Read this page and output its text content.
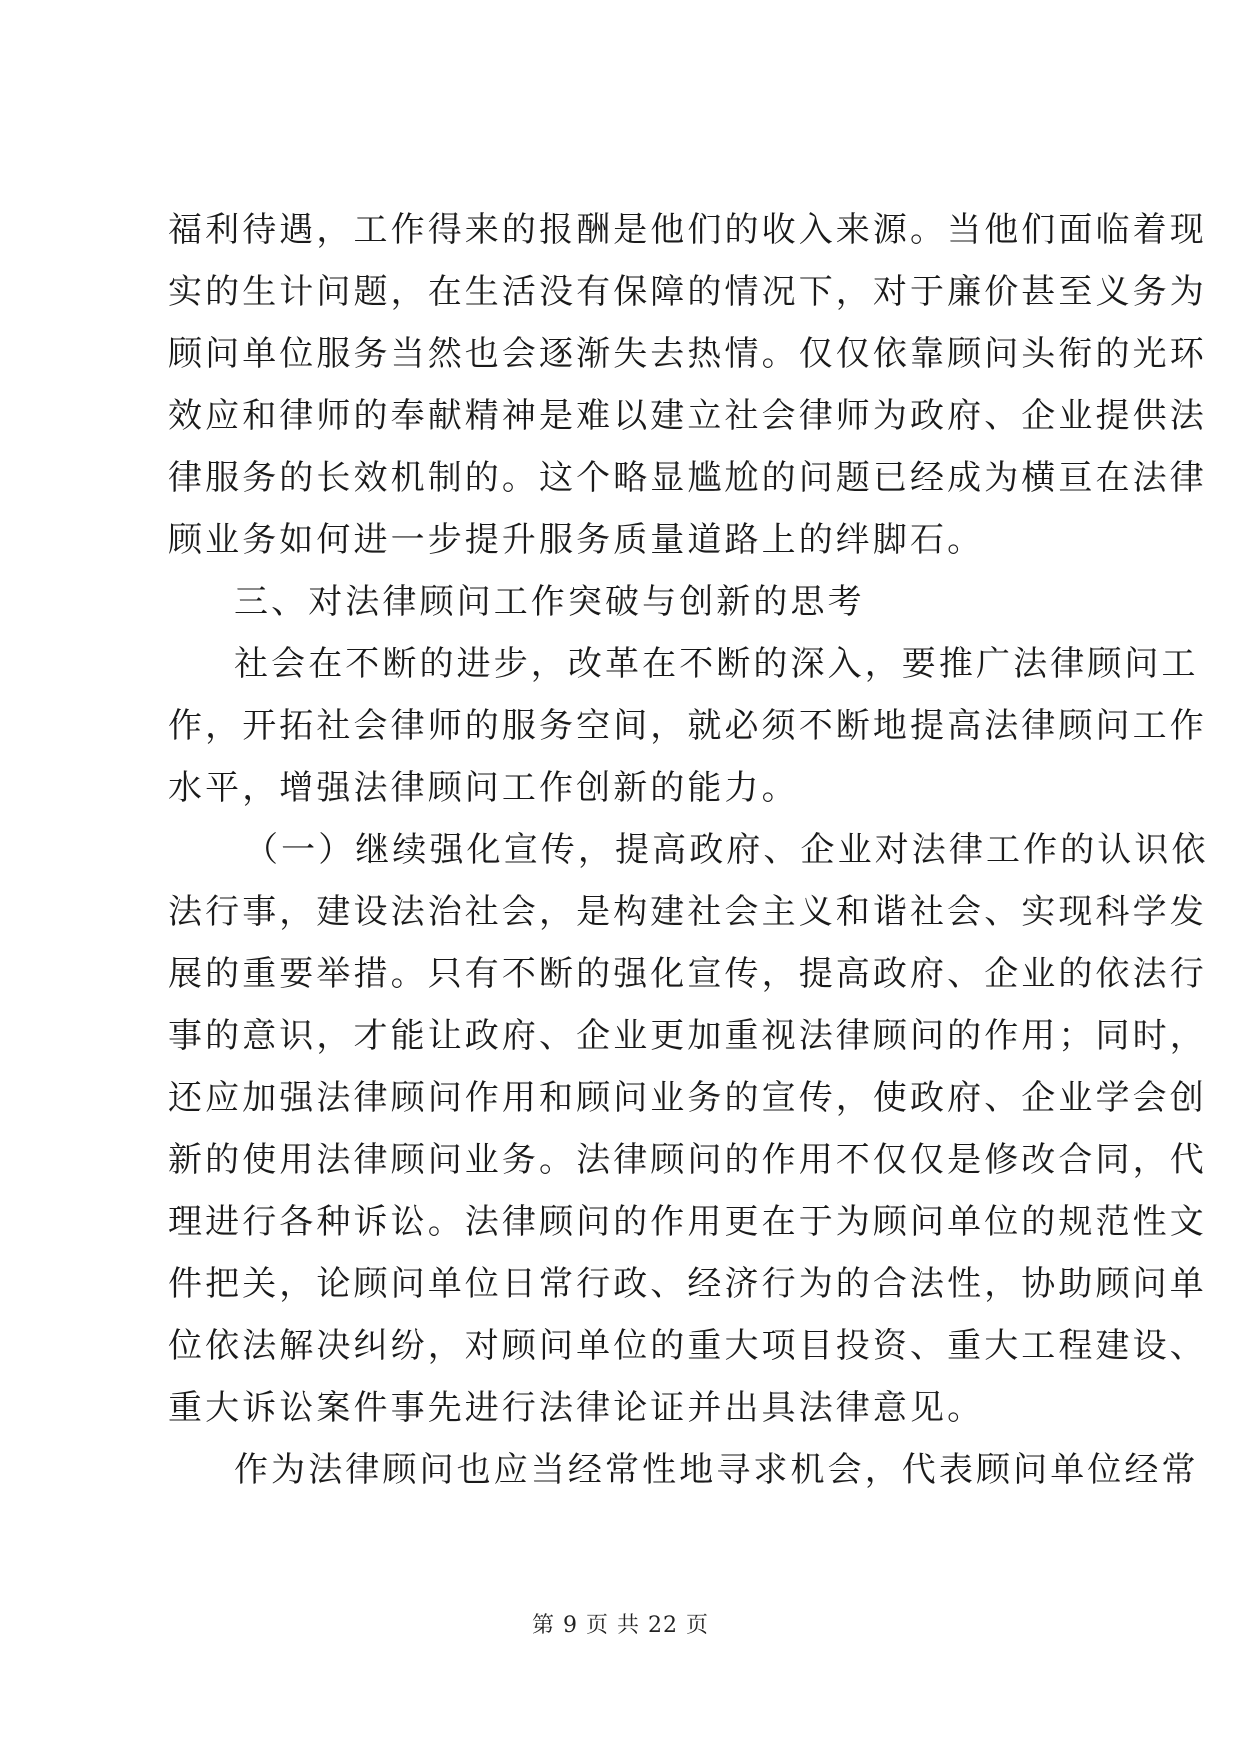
福利待遇，工作得来的报酬是他们的收入来源。当他们面临着现
实的生计问题，在生活没有保障的情况下，对于廉价甚至义务为
顾问单位服务当然也会逐渐失去热情。仅仅依靠顾问头衔的光环
效应和律师的奉献精神是难以建立社会律师为政府、企业提供法
律服务的长效机制的。这个略显尴尬的问题已经成为横亘在法律
顾业务如何进一步提升服务质量道路上的绊脚石。
三、对法律顾问工作突破与创新的思考
社会在不断的进步，改革在不断的深入，要推广法律顾问工
作，开拓社会律师的服务空间，就必须不断地提高法律顾问工作
水平，增强法律顾问工作创新的能力。
（一）继续强化宣传，提高政府、企业对法律工作的认识依
法行事，建设法治社会，是构建社会主义和谐社会、实现科学发
展的重要举措。只有不断的强化宣传，提高政府、企业的依法行
事的意识，才能让政府、企业更加重视法律顾问的作用；同时，
还应加强法律顾问作用和顾问业务的宣传，使政府、企业学会创
新的使用法律顾问业务。法律顾问的作用不仅仅是修改合同，代
理进行各种诉讼。法律顾问的作用更在于为顾问单位的规范性文
件把关，论顾问单位日常行政、经济行为的合法性，协助顾问单
位依法解决纠纷，对顾问单位的重大项目投资、重大工程建设、
重大诉讼案件事先进行法律论证并出具法律意见。
作为法律顾问也应当经常性地寻求机会，代表顾问单位经常
第 9 页 共 22 页
